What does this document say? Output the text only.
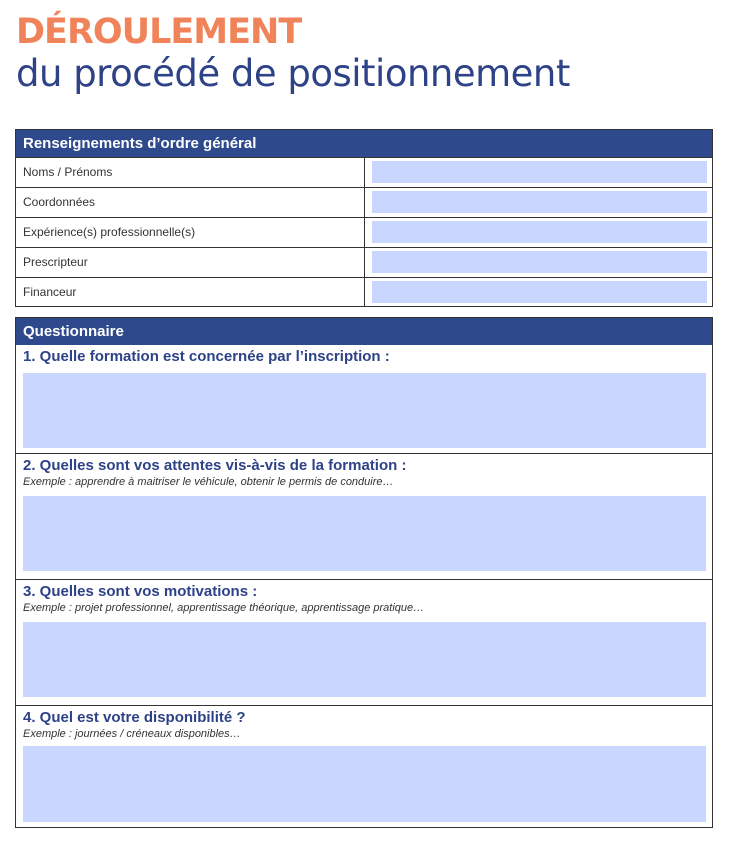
DÉROULEMENT
du procédé de positionnement
Renseignements d’ordre général
Noms / Prénoms
Coordonnées
Expérience(s) professionnelle(s)
Prescripteur
Financeur
Questionnaire
1. Quelle formation est concernée par l’inscription :
2. Quelles sont vos attentes vis-à-vis de la formation :
Exemple : apprendre à maitriser le véhicule, obtenir le permis de conduire…
3. Quelles sont vos motivations :
Exemple : projet professionnel, apprentissage théorique, apprentissage pratique…
4. Quel est votre disponibilité ?
Exemple : journées / créneaux disponibles…
